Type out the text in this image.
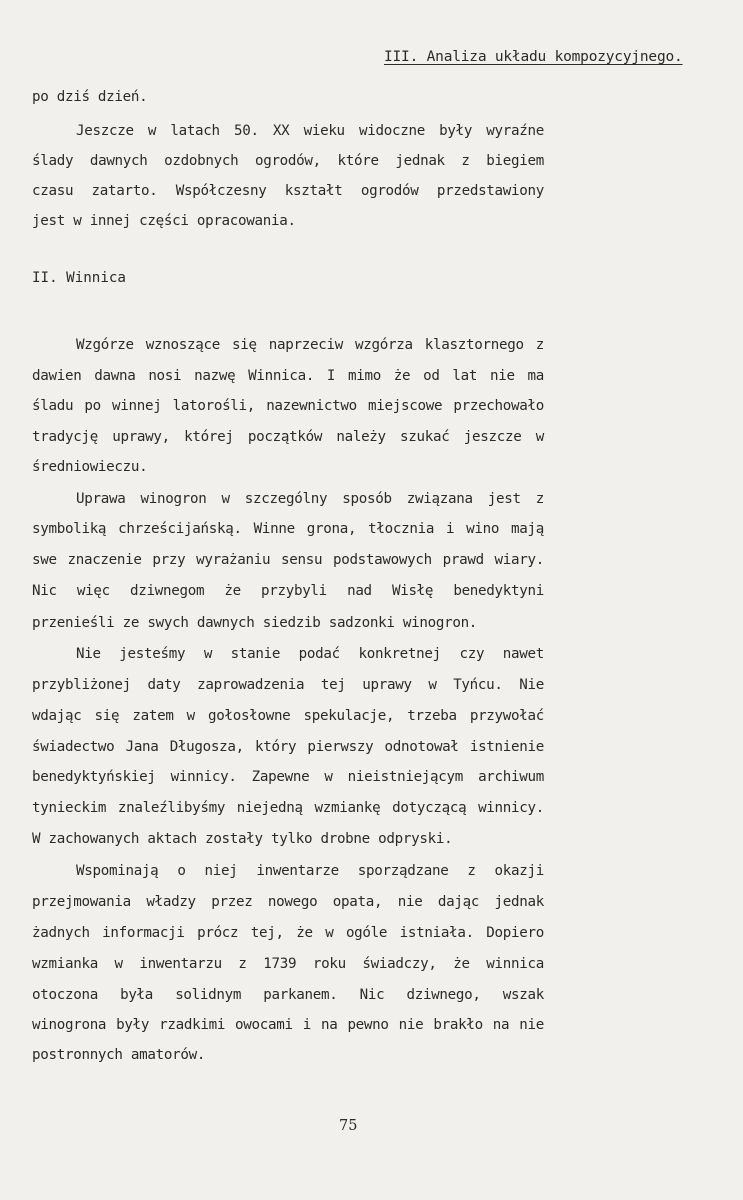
III. Analiza układu kompozycyjnego.
po dziś dzień.
Jeszcze w latach 50. XX wieku widoczne były wyraźne
ślady dawnych ozdobnych ogrodów, które jednak z biegiem
czasu zatarto. Współczesny kształt ogrodów przedstawiony
jest w innej części opracowania.
II. Winnica
Wzgórze wznoszące się naprzeciw wzgórza klasztornego z
dawien dawna nosi nazwę Winnica. I mimo że od lat nie ma
śladu po winnej latorośli, nazewnictwo miejscowe przechowało
tradycję uprawy, której początków należy szukać jeszcze w
średniowieczu.
Uprawa winogron w szczególny sposób związana jest z
symboliką chrześcijańską. Winne grona, tłocznia i wino mają
swe znaczenie przy wyrażaniu sensu podstawowych prawd wiary.
Nic więc dziwnegom że przybyli nad Wisłę benedyktyni
przenieśli ze swych dawnych siedzib sadzonki winogron.
Nie jesteśmy w stanie podać konkretnej czy nawet
przybliżonej daty zaprowadzenia tej uprawy w Tyńcu. Nie
wdając się zatem w gołosłowne spekulacje, trzeba przywołać
świadectwo Jana Długosza, który pierwszy odnotował istnienie
benedyktyńskiej winnicy. Zapewne w nieistniejącym archiwum
tynieckim znaleźlibyśmy niejedną wzmiankę dotyczącą winnicy.
W zachowanych aktach zostały tylko drobne odpryski.
Wspominają o niej inwentarze sporządzane z okazji
przejmowania władzy przez nowego opata, nie dając jednak
żadnych informacji prócz tej, że w ogóle istniała. Dopiero
wzmianka w inwentarzu z 1739 roku świadczy, że winnica
otoczona była solidnym parkanem. Nic dziwnego, wszak
winogrona były rzadkimi owocami i na pewno nie brakło na nie
postronnych amatorów.
75
